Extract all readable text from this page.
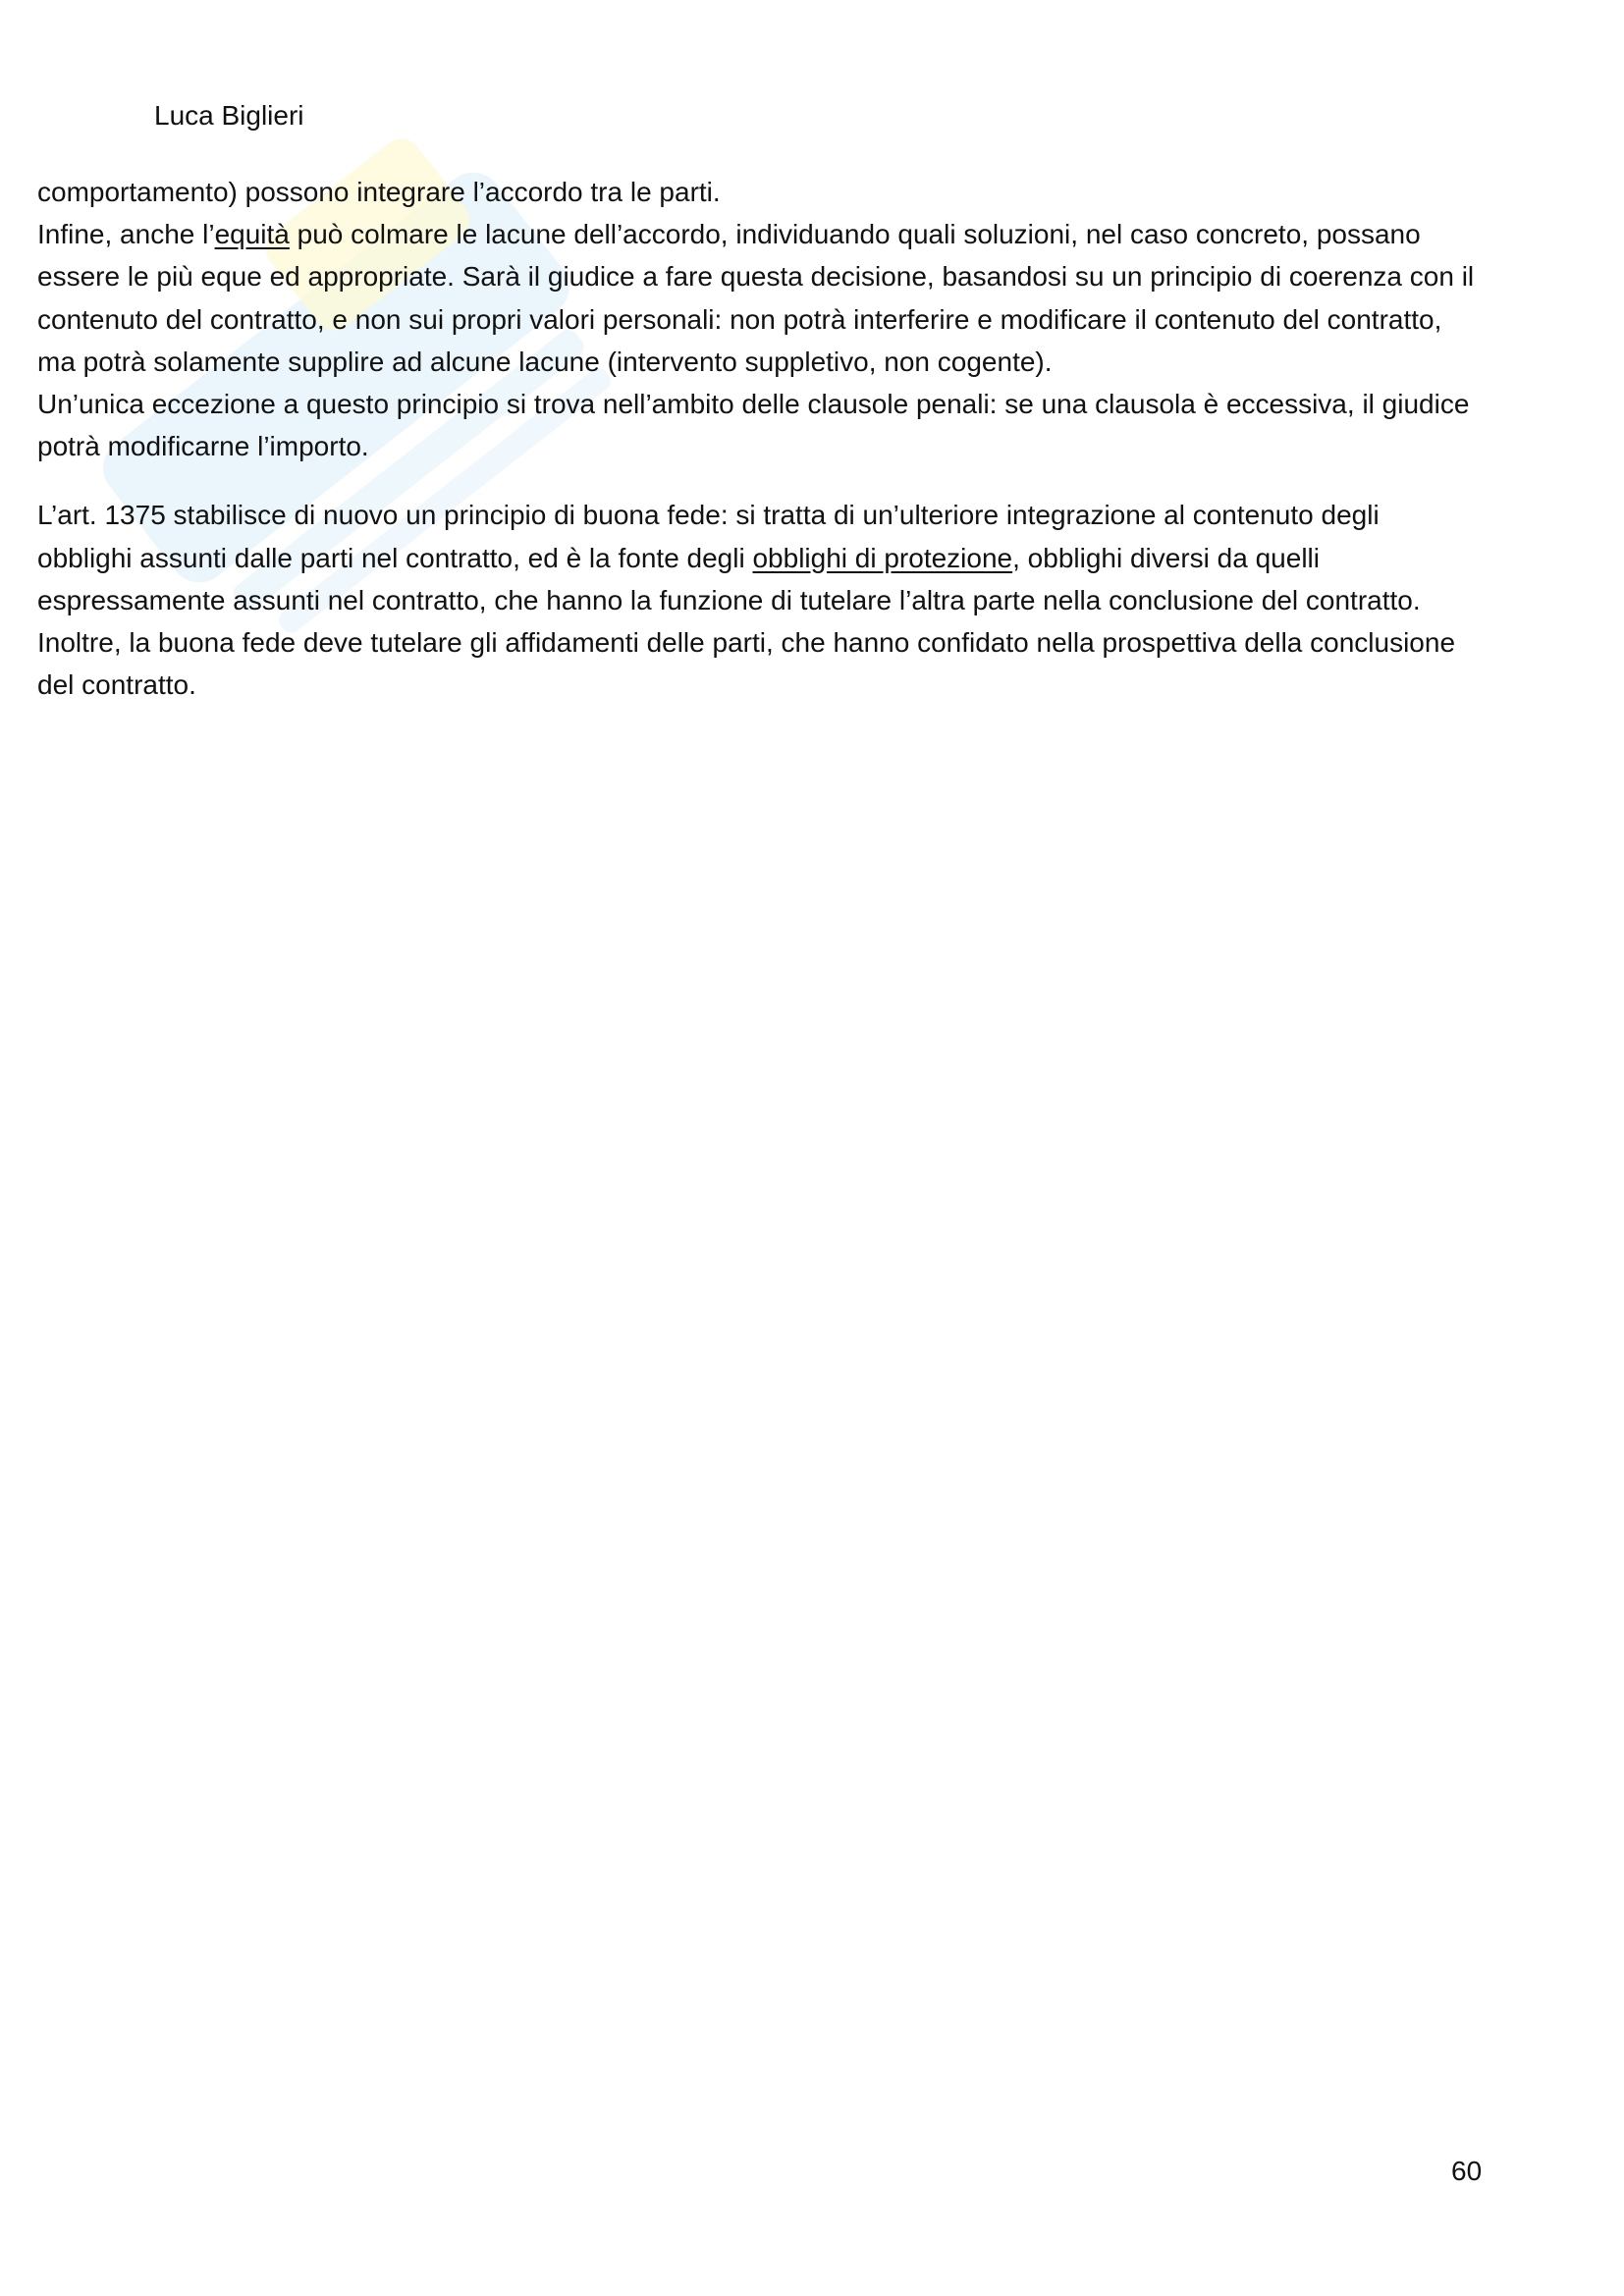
Luca Biglieri

comportamento) possono integrare l’accordo tra le parti.

Infine, anche l’equità può colmare le lacune dell’accordo, individuando quali soluzioni, nel caso concreto, possano

essere le più eque ed appropriate. Sarà il giudice a fare questa decisione, basandosi su un principio di coerenza con il

contenuto del contratto, e non sui propri valori personali: non potrà interferire e modificare il contenuto del contratto,

ma potrà solamente supplire ad alcune lacune (intervento suppletivo, non cogente).

Un’unica eccezione a questo principio si trova nell’ambito delle clausole penali: se una clausola è eccessiva, il giudice

potrà modificarne l’importo.

L’art. 1375 stabilisce di nuovo un principio di buona fede: si tratta di un’ulteriore integrazione al contenuto degli

obblighi assunti dalle parti nel contratto, ed è la fonte degli obblighi di protezione, obblighi diversi da quelli

espressamente assunti nel contratto, che hanno la funzione di tutelare l’altra parte nella conclusione del contratto.

Inoltre, la buona fede deve tutelare gli affidamenti delle parti, che hanno confidato nella prospettiva della conclusione

del contratto.

60
